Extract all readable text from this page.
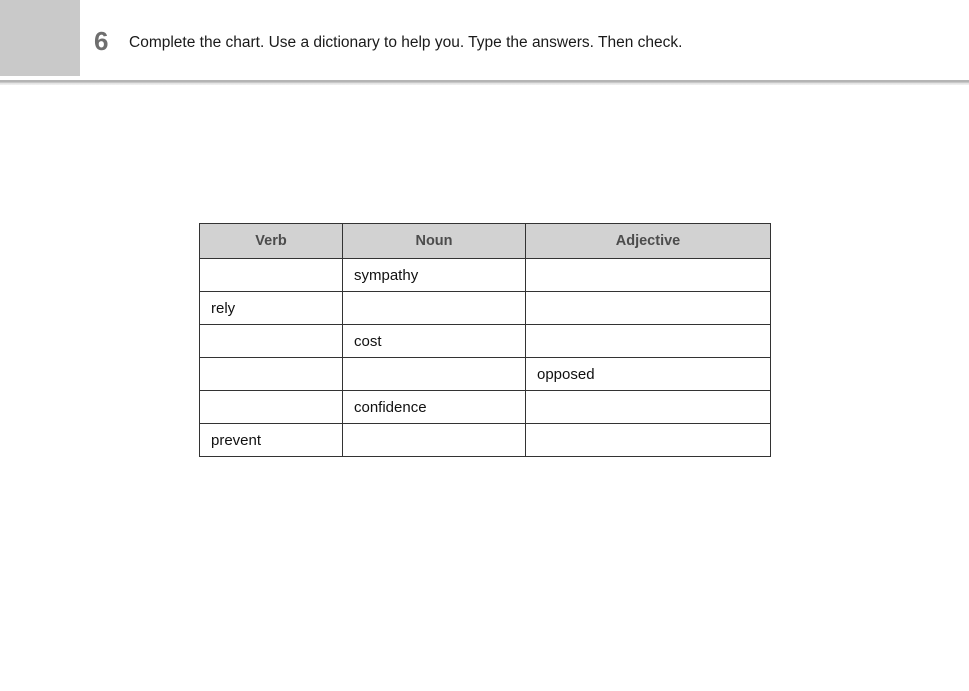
6 Complete the chart. Use a dictionary to help you. Type the answers. Then check.
Verb	Noun	Adjective
	sympathy	
rely		
	cost	
		opposed
	confidence	
prevent		
